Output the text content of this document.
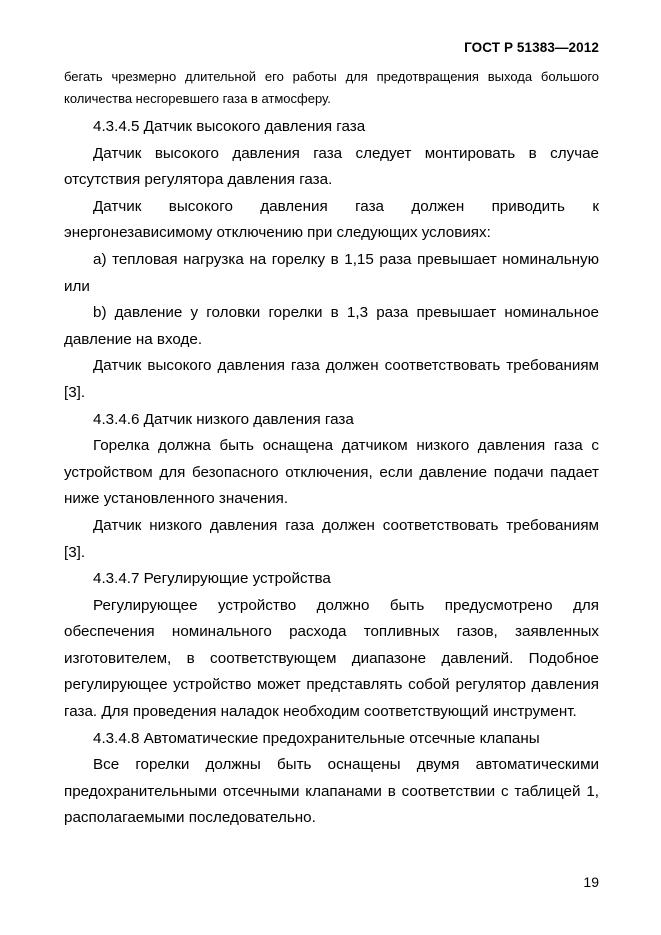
ГОСТ Р 51383—2012

бегать чрезмерно длительной его работы для предотвращения выхода большого количества несгоревшего газа в атмосферу.

4.3.4.5 Датчик высокого давления газа

Датчик высокого давления газа следует монтировать в случае отсутствия регулятора давления газа.

Датчик высокого давления газа должен приводить к энергонезависимому отключению при следующих условиях:

a) тепловая нагрузка на горелку в 1,15 раза превышает номинальную или

b) давление у головки горелки в 1,3 раза превышает номинальное давление на входе.

Датчик высокого давления газа должен соответствовать требованиям [3].

4.3.4.6 Датчик низкого давления газа

Горелка должна быть оснащена датчиком низкого давления газа с устройством для безопасного отключения, если давление подачи падает ниже установленного значения.

Датчик низкого давления газа должен соответствовать требованиям [3].

4.3.4.7 Регулирующие устройства

Регулирующее устройство должно быть предусмотрено для обеспечения номинального расхода топливных газов, заявленных изготовителем, в соответствующем диапазоне давлений. Подобное регулирующее устройство может представлять собой регулятор давления газа. Для проведения наладок необходим соответствующий инструмент.

4.3.4.8 Автоматические предохранительные отсечные клапаны

Все горелки должны быть оснащены двумя автоматическими предохранительными отсечными клапанами в соответствии с таблицей 1, располагаемыми последовательно.

19
